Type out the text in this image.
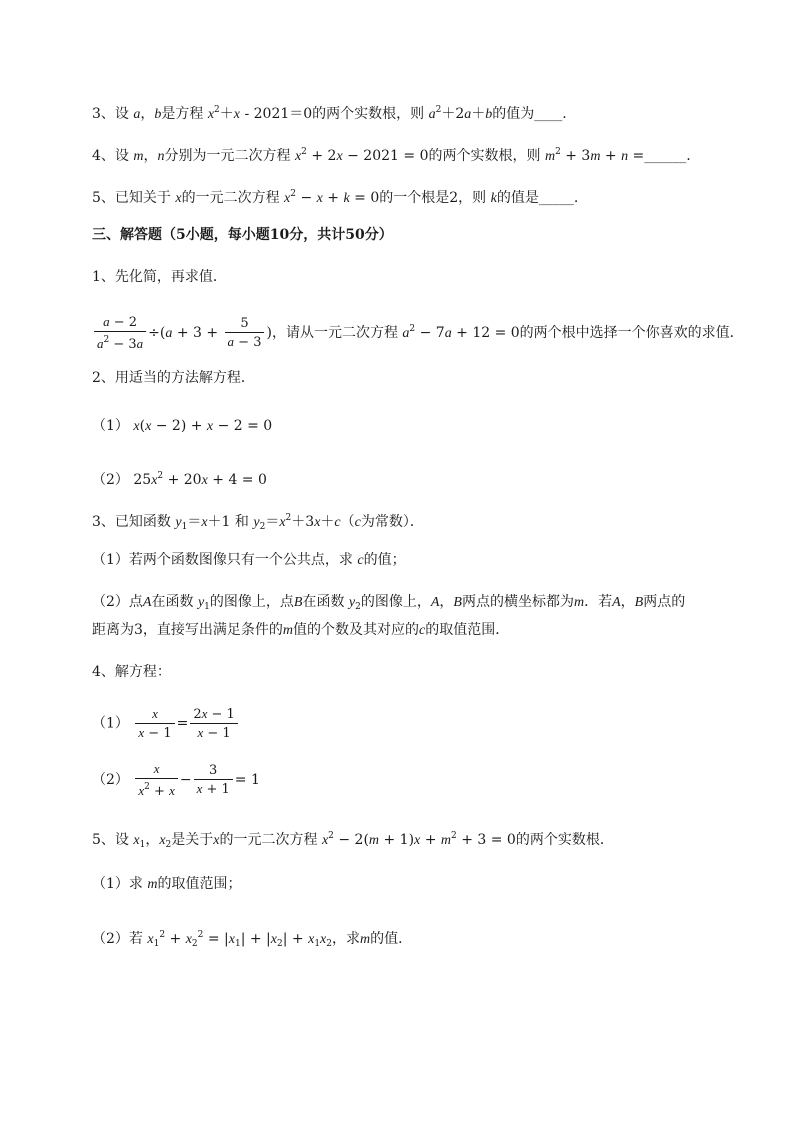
3、设 a，b是方程 $x^2+x - 2021=0$的两个实数根，则 $a^2+2a+b$的值为____.
4、设 m，n分别为一元二次方程 $x^2 + 2x - 2021 = 0$的两个实数根，则 $m^2 + 3m + n$ =______.
5、已知关于 x的一元二次方程 $x^2 - x + k = 0$的一个根是2，则 k的值是_____.
三、解答题（5小题，每小题10分，共计50分）
1、先化简，再求值．
$\frac{a - 2}{a^2 - 3a} \div(a + 3 + \frac{5}{a - 3}$ )，请从一元二次方程 $a^2 - 7a + 12 = 0$的两个根中选择一个你喜欢的求值．
2、用适当的方法解方程．
（1） x(x − 2) + x − 2 = 0
（2） $25x^2 + 20x + 4 = 0$
3、已知函数 $y_1=x+1$ 和 $y_2=x^2+3x+c(c$为常数）．
（1）若两个函数图像只有一个公共点，求 c的值；
（2）点A在函数 $y_1$的图像上，点B在函数 $y_2$的图像上，A，B两点的横坐标都为m．若A，B两点的
距离为3，直接写出满足条件的m值的个数及其对应的c的取值范围．
4、解方程：
$(1) \frac{x}{x - 1} = \frac{2x - 1}{x - 1}$
$(2) \frac{x}{x^2 + x} - \frac{3}{x + 1} = 1$
5、设 $x_1$，$x_2$是关于x的一元二次方程 $x^2 - 2(m + 1)x + m^2 + 3 = 0$的两个实数根．
（1）求 m的取值范围；
（2）若 $x_1^2 + x_2^2 = |x_1| + |x_2| + x_1x_2$，求m的值．
